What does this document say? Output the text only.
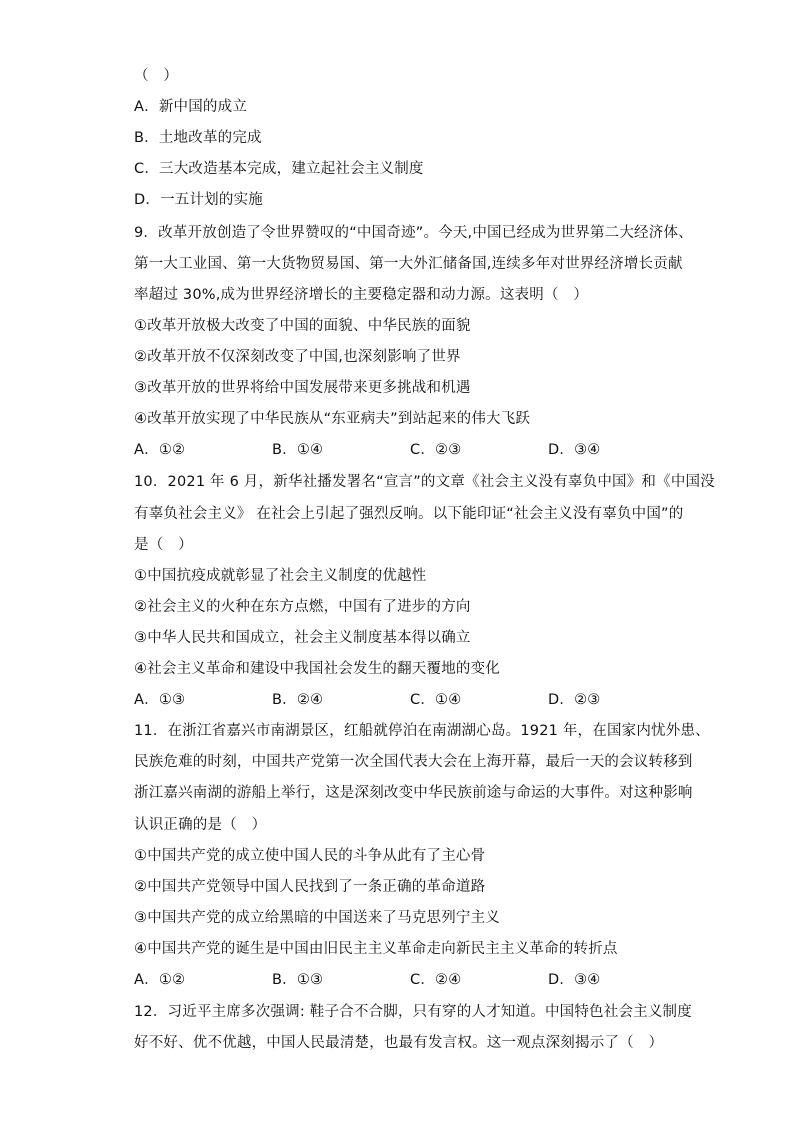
（　）
A．新中国的成立
B．土地改革的完成
C．三大改造基本完成，建立起社会主义制度
D．一五计划的实施
9．改革开放创造了令世界赞叹的“中国奇迹”。今天,中国已经成为世界第二大经济体、
第一大工业国、第一大货物贸易国、第一大外汇储备国,连续多年对世界经济增长贡献
率超过 30%,成为世界经济增长的主要稳定器和动力源。这表明（　）
①改革开放极大改变了中国的面貌、中华民族的面貌
②改革开放不仅深刻改变了中国,也深刻影响了世界
③改革开放的世界将给中国发展带来更多挑战和机遇
④改革开放实现了中华民族从“东亚病夫”到站起来的伟大飞跃
A．①②	B．①④	C．②③	D．③④
10．2021 年 6 月，新华社播发署名“宣言”的文章《社会主义没有辜负中国》和《中国没
有辜负社会主义》 在社会上引起了强烈反响。以下能印证“社会主义没有辜负中国”的
是（　）
①中国抗疫成就彰显了社会主义制度的优越性
②社会主义的火种在东方点燃，中国有了进步的方向
③中华人民共和国成立，社会主义制度基本得以确立
④社会主义革命和建设中我国社会发生的翻天覆地的变化
A．①③	B．②④	C．①④	D．②③
11．在浙江省嘉兴市南湖景区，红船就停泊在南湖湖心岛。1921 年，在国家内忧外患、
民族危难的时刻，中国共产党第一次全国代表大会在上海开幕，最后一天的会议转移到
浙江嘉兴南湖的游船上举行，这是深刻改变中华民族前途与命运的大事件。对这种影响
认识正确的是（　）
①中国共产党的成立使中国人民的斗争从此有了主心骨
②中国共产党领导中国人民找到了一条正确的革命道路
③中国共产党的成立给黑暗的中国送来了马克思列宁主义
④中国共产党的诞生是中国由旧民主主义革命走向新民主主义革命的转折点
A．①②	B．①③	C．②④	D．③④
12．习近平主席多次强调: 鞋子合不合脚，只有穿的人才知道。中国特色社会主义制度
好不好、优不优越，中国人民最清楚，也最有发言权。这一观点深刻揭示了（　）
